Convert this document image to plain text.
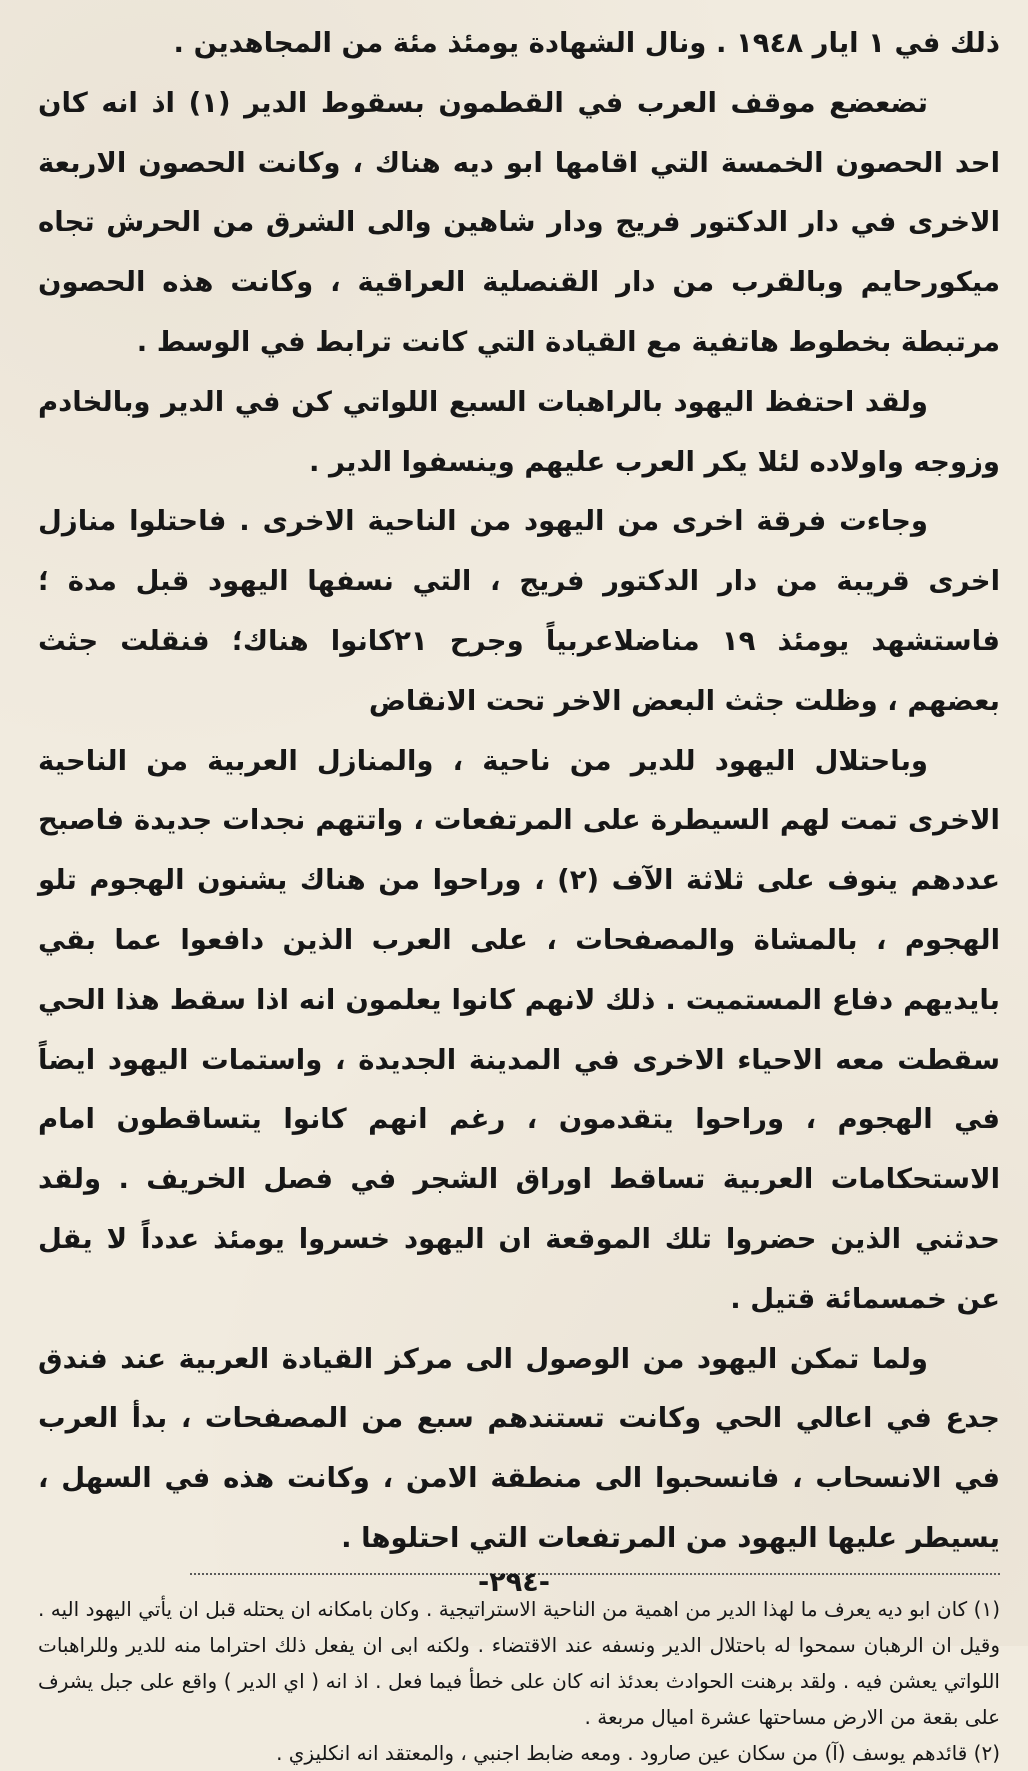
ذلك في ١ ايار ١٩٤٨ . ونال الشهادة يومئذ مئة من المجاهدين .

تضعضع موقف العرب في القطمون بسقوط الدير (١) اذ انه كان احد الحصون الخمسة التي اقامها ابو ديه هناك ، وكانت الحصون الاربعة الاخرى في دار الدكتور فريج ودار شاهين والى الشرق من الحرش تجاه ميكورحايم وبالقرب من دار القنصلية العراقية ، وكانت هذه الحصون مرتبطة بخطوط هاتفية مع القيادة التي كانت ترابط في الوسط .

ولقد احتفظ اليهود بالراهبات السبع اللواتي كن في الدير وبالخادم وزوجه واولاده لئلا يكر العرب عليهم وينسفوا الدير .

وجاءت فرقة اخرى من اليهود من الناحية الاخرى . فاحتلوا منازل اخرى قريبة من دار الدكتور فريج ، التي نسفها اليهود قبل مدة ؛ فاستشهد يومئذ ١٩ مناضلاعربياً وجرح ٢١كانوا هناك؛ فنقلت جثث بعضهم ، وظلت جثث البعض الاخر تحت الانقاض

وباحتلال اليهود للدير من ناحية ، والمنازل العربية من الناحية الاخرى تمت لهم السيطرة على المرتفعات ، واتتهم نجدات جديدة فاصبح عددهم ينوف على ثلاثة الآف (٢) ، وراحوا من هناك يشنون الهجوم تلو الهجوم ، بالمشاة والمصفحات ، على العرب الذين دافعوا عما بقي بايديهم دفاع المستميت . ذلك لانهم كانوا يعلمون انه اذا سقط هذا الحي سقطت معه الاحياء الاخرى في المدينة الجديدة ، واستمات اليهود ايضاً في الهجوم ، وراحوا يتقدمون ، رغم انهم كانوا يتساقطون امام الاستحكامات العربية تساقط اوراق الشجر في فصل الخريف . ولقد حدثني الذين حضروا تلك الموقعة ان اليهود خسروا يومئذ عدداً لا يقل عن خمسمائة قتيل .

ولما تمكن اليهود من الوصول الى مركز القيادة العربية عند فندق جدع في اعالي الحي وكانت تستندهم سبع من المصفحات ، بدأ العرب في الانسحاب ، فانسحبوا الى منطقة الامن ، وكانت هذه في السهل ، يسيطر عليها اليهود من المرتفعات التي احتلوها .

(١) كان ابو ديه يعرف ما لهذا الدير من اهمية من الناحية الاستراتيجية . وكان بامكانه ان يحتله قبل ان يأتي اليهود اليه . وقيل ان الرهبان سمحوا له باحتلال الدير ونسفه عند الاقتضاء . ولكنه ابى ان يفعل ذلك احتراما منه للدير وللراهبات اللواتي يعشن فيه . ولقد برهنت الحوادث بعدئذ انه كان على خطأ فيما فعل . اذ انه ( اي الدير ) واقع على جبل يشرف على بقعة من الارض مساحتها عشرة اميال مربعة .

(٢) قائدهم يوسف (آ) من سكان عين صارود . ومعه ضابط اجنبي ، والمعتقد انه انكليزي .

-٢٩٤-
